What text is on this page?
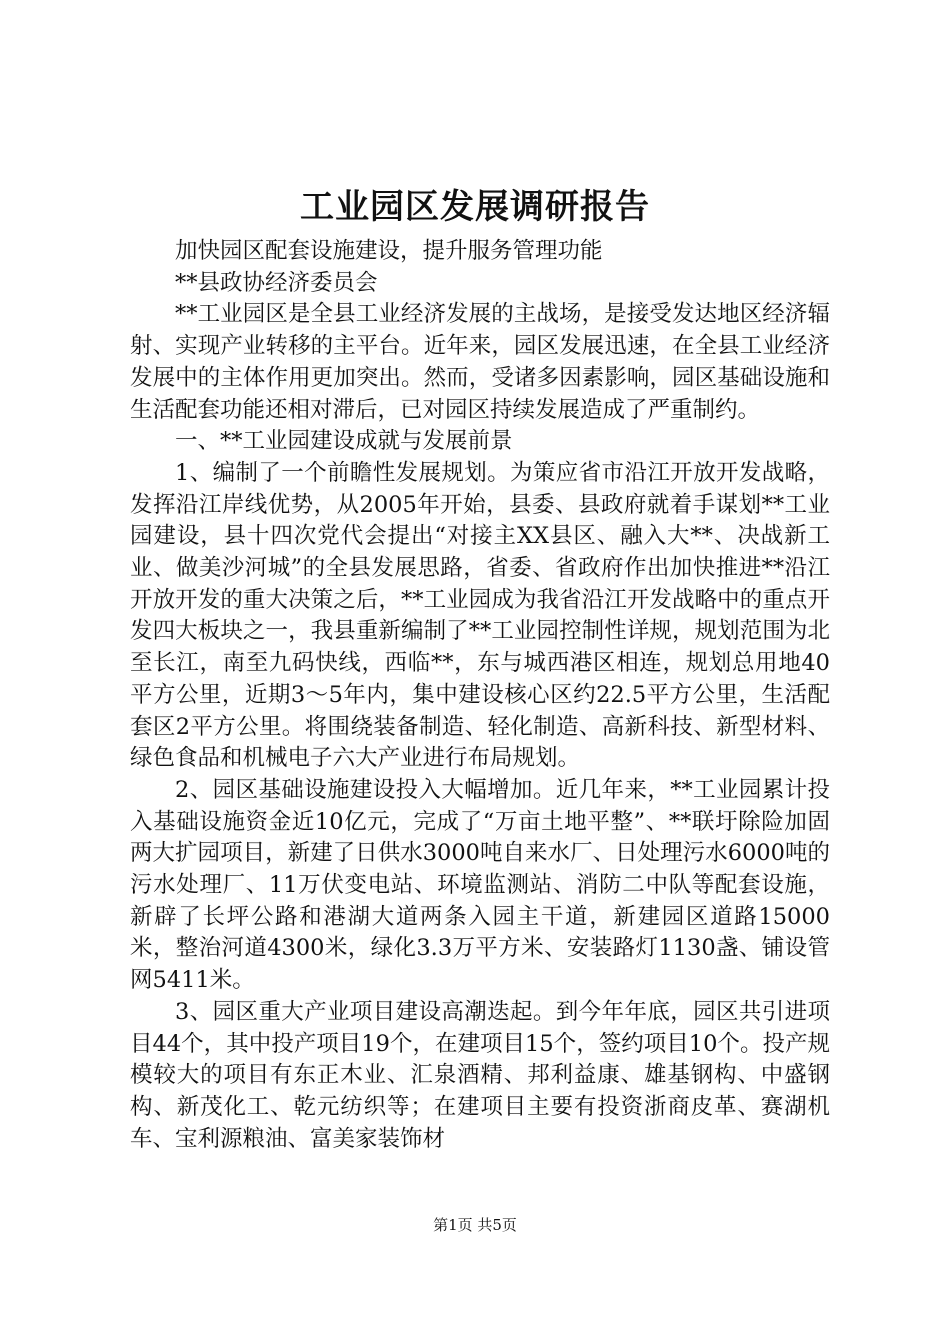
工业园区发展调研报告

加快园区配套设施建设，提升服务管理功能

**县政协经济委员会

**工业园区是全县工业经济发展的主战场，是接受发达地区经济辐射、实现产业转移的主平台。近年来，园区发展迅速，在全县工业经济发展中的主体作用更加突出。然而，受诸多因素影响，园区基础设施和生活配套功能还相对滞后，已对园区持续发展造成了严重制约。

一、**工业园建设成就与发展前景

1、编制了一个前瞻性发展规划。为策应省市沿江开放开发战略，发挥沿江岸线优势，从2005年开始，县委、县政府就着手谋划**工业园建设，县十四次党代会提出“对接主XX县区、融入大**、决战新工业、做美沙河城”的全县发展思路，省委、省政府作出加快推进**沿江开放开发的重大决策之后，**工业园成为我省沿江开发战略中的重点开发四大板块之一，我县重新编制了**工业园控制性详规，规划范围为北至长江，南至九码快线，西临**，东与城西港区相连，规划总用地40平方公里，近期3～5年内，集中建设核心区约22.5平方公里，生活配套区2平方公里。将围绕装备制造、轻化制造、高新科技、新型材料、绿色食品和机械电子六大产业进行布局规划。

2、园区基础设施建设投入大幅增加。近几年来，**工业园累计投入基础设施资金近10亿元，完成了“万亩土地平整”、**联圩除险加固两大扩园项目，新建了日供水3000吨自来水厂、日处理污水6000吨的污水处理厂、11万伏变电站、环境监测站、消防二中队等配套设施，新辟了长坪公路和港湖大道两条入园主干道，新建园区道路15000米，整治河道4300米，绿化3.3万平方米、安装路灯1130盏、铺设管网5411米。

3、园区重大产业项目建设高潮迭起。到今年年底，园区共引进项目44个，其中投产项目19个，在建项目15个，签约项目10个。投产规模较大的项目有东正木业、汇泉酒精、邦利益康、雄基钢构、中盛钢构、新茂化工、乾元纺织等；在建项目主要有投资浙商皮革、赛湖机车、宝利源粮油、富美家装饰材

第1页 共5页
